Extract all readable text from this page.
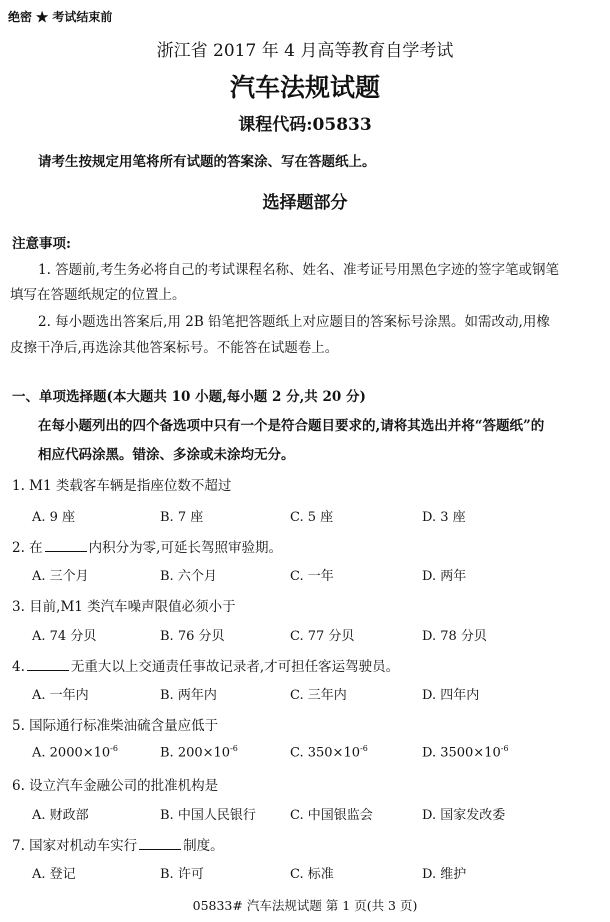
绝密 ★ 考试结束前
浙江省 2017 年 4 月高等教育自学考试
汽车法规试题
课程代码:05833
请考生按规定用笔将所有试题的答案涂、写在答题纸上。
选择题部分
注意事项:
1. 答题前,考生务必将自己的考试课程名称、姓名、准考证号用黑色字迹的签字笔或钢笔
填写在答题纸规定的位置上。
2. 每小题选出答案后,用 2B 铅笔把答题纸上对应题目的答案标号涂黑。如需改动,用橡
皮擦干净后,再选涂其他答案标号。不能答在试题卷上。
一、单项选择题(本大题共 10 小题,每小题 2 分,共 20 分)
在每小题列出的四个备选项中只有一个是符合题目要求的,请将其选出并将“答题纸”的
相应代码涂黑。错涂、多涂或未涂均无分。
1. M1 类载客车辆是指座位数不超过
A. 9 座	B. 7 座	C. 5 座	D. 3 座
2. 在	内积分为零,可延长驾照审验期。
A. 三个月	B. 六个月	C. 一年	D. 两年
3. 目前,M1 类汽车噪声限值必须小于
A. 74 分贝	B. 76 分贝	C. 77 分贝	D. 78 分贝
4.	无重大以上交通责任事故记录者,才可担任客运驾驶员。
A. 一年内	B. 两年内	C. 三年内	D. 四年内
5. 国际通行标准柴油硫含量应低于
A. $2000\times 10^{-6}$	B. $200\times 10^{-6}$	C. $350\times 10^{-6}$	D. $3500\times 10^{-6}$
6. 设立汽车金融公司的批准机构是
A. 财政部	B. 中国人民银行	C. 中国银监会	D. 国家发改委
7. 国家对机动车实行	制度。
A. 登记	B. 许可	C. 标准	D. 维护
05833# 汽车法规试题 第 1 页(共 3 页)
